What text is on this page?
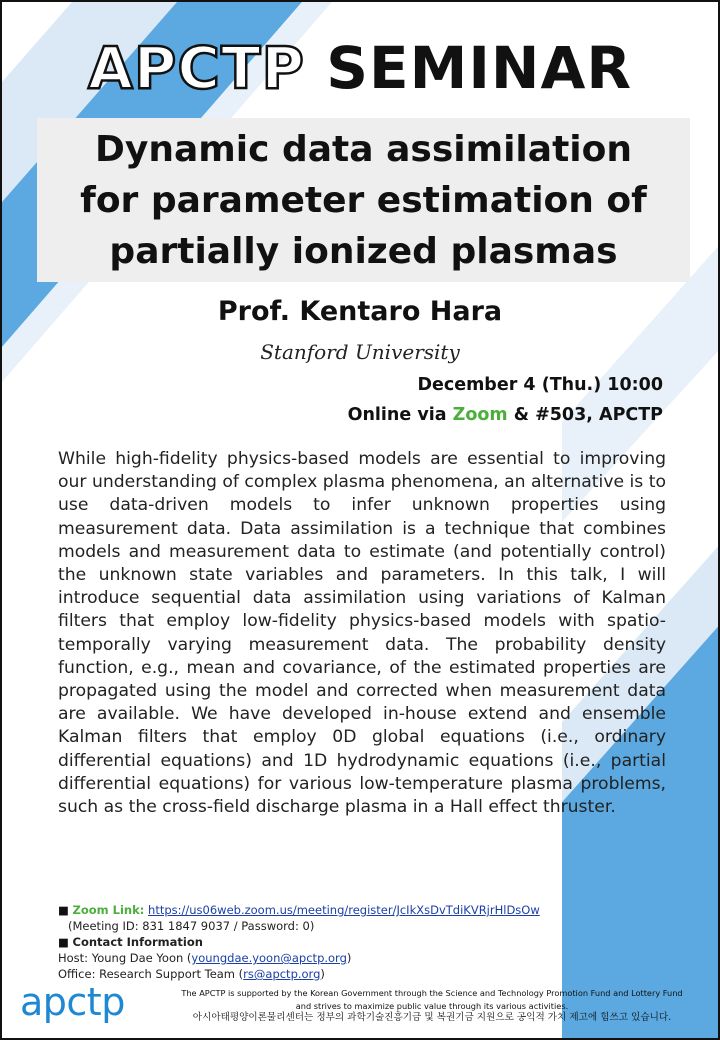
APCTP SEMINAR
Dynamic data assimilation
for parameter estimation of
partially ionized plasmas
Prof. Kentaro Hara
Stanford University
December 4 (Thu.) 10:00
Online via Zoom & #503, APCTP
While high-fidelity physics-based models are essential to improving our understanding of complex plasma phenomena, an alternative is to use data-driven models to infer unknown properties using measurement data. Data assimilation is a technique that combines models and measurement data to estimate (and potentially control) the unknown state variables and parameters. In this talk, I will introduce sequential data assimilation using variations of Kalman filters that employ low-fidelity physics-based models with spatio-temporally varying measurement data. The probability density function, e.g., mean and covariance, of the estimated properties are propagated using the model and corrected when measurement data are available. We have developed in-house extend and ensemble Kalman filters that employ 0D global equations (i.e., ordinary differential equations) and 1D hydrodynamic equations (i.e., partial differential equations) for various low-temperature plasma problems, such as the cross-field discharge plasma in a Hall effect thruster.
■ Zoom Link: https://us06web.zoom.us/meeting/register/JcIkXsDvTdiKVRjrHlDsOw
(Meeting ID: 831 1847 9037 / Password: 0)
■ Contact Information
Host: Young Dae Yoon (youngdae.yoon@apctp.org)
Office: Research Support Team (rs@apctp.org)
apctp	The APCTP is supported by the Korean Government through the Science and Technology Promotion Fund and Lottery Fund
and strives to maximize public value through its various activities.
아시아태평양이론물리센터는 정부의 과학기술진흥기금 및 복권기금 지원으로 공익적 가치 제고에 힘쓰고 있습니다.
